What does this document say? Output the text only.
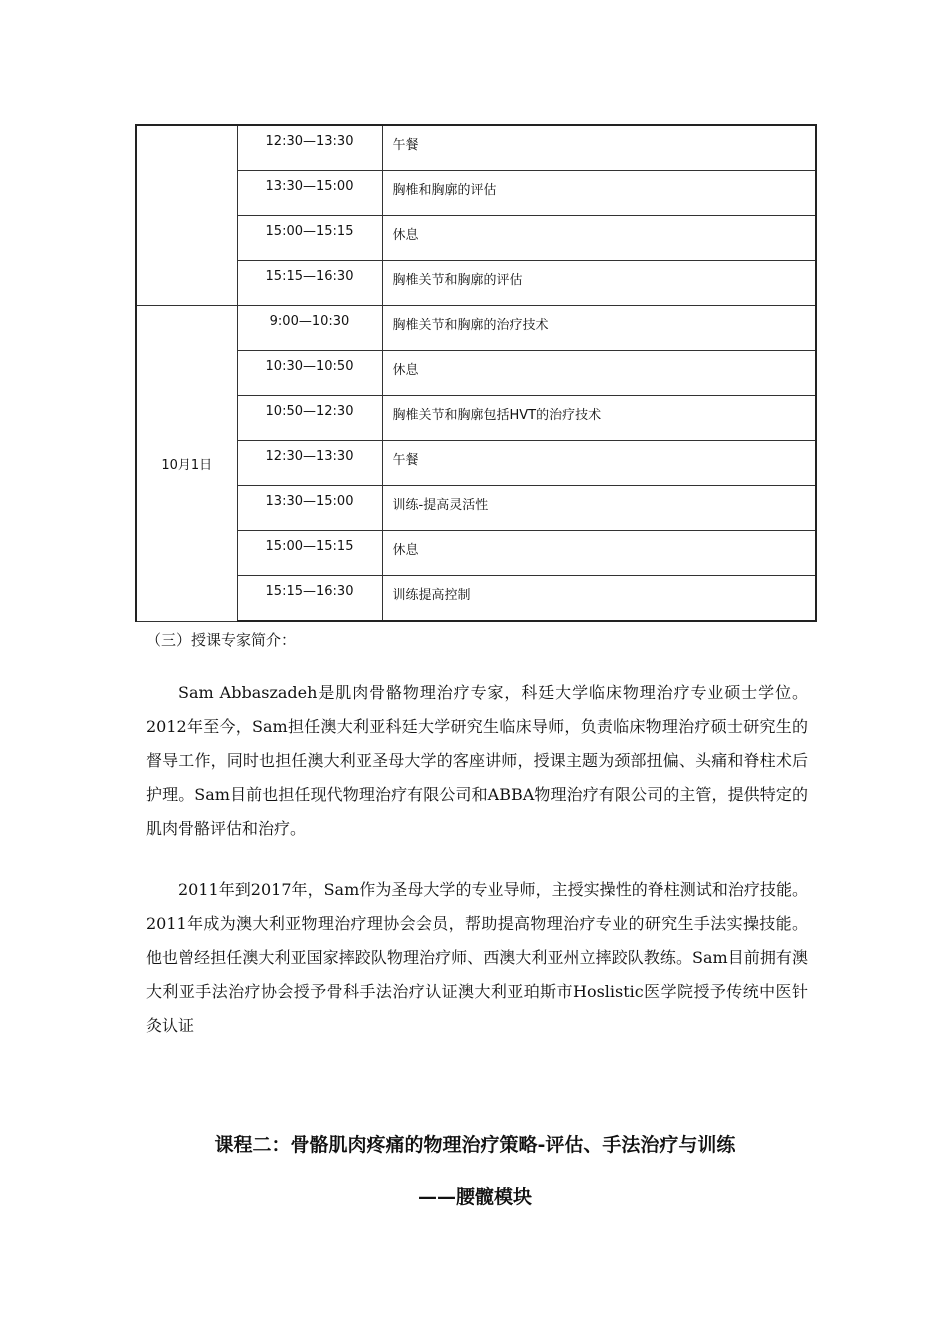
	12:30—13:30	午餐
	13:30—15:00	胸椎和胸廓的评估
	15:00—15:15	休息
	15:15—16:30	胸椎关节和胸廓的评估
10月1日	9:00—10:30	胸椎关节和胸廓的治疗技术
	10:30—10:50	休息
	10:50—12:30	胸椎关节和胸廓包括HVT的治疗技术
	12:30—13:30	午餐
	13:30—15:00	训练-提高灵活性
	15:00—15:15	休息
	15:15—16:30	训练提高控制
（三）授课专家简介：

Sam Abbaszadeh是肌肉骨骼物理治疗专家，科廷大学临床物理治疗专业硕士学位。2012年至今，Sam担任澳大利亚科廷大学研究生临床导师，负责临床物理治疗硕士研究生的督导工作，同时也担任澳大利亚圣母大学的客座讲师，授课主题为颈部扭偏、头痛和脊柱术后护理。Sam目前也担任现代物理治疗有限公司和ABBA物理治疗有限公司的主管，提供特定的肌肉骨骼评估和治疗。

2011年到2017年，Sam作为圣母大学的专业导师，主授实操性的脊柱测试和治疗技能。2011年成为澳大利亚物理治疗理协会会员，帮助提高物理治疗专业的研究生手法实操技能。他也曾经担任澳大利亚国家摔跤队物理治疗师、西澳大利亚州立摔跤队教练。Sam目前拥有澳大利亚手法治疗协会授予骨科手法治疗认证澳大利亚珀斯市Hoslistic医学院授予传统中医针灸认证

课程二：骨骼肌肉疼痛的物理治疗策略-评估、手法治疗与训练
——腰髋模块
